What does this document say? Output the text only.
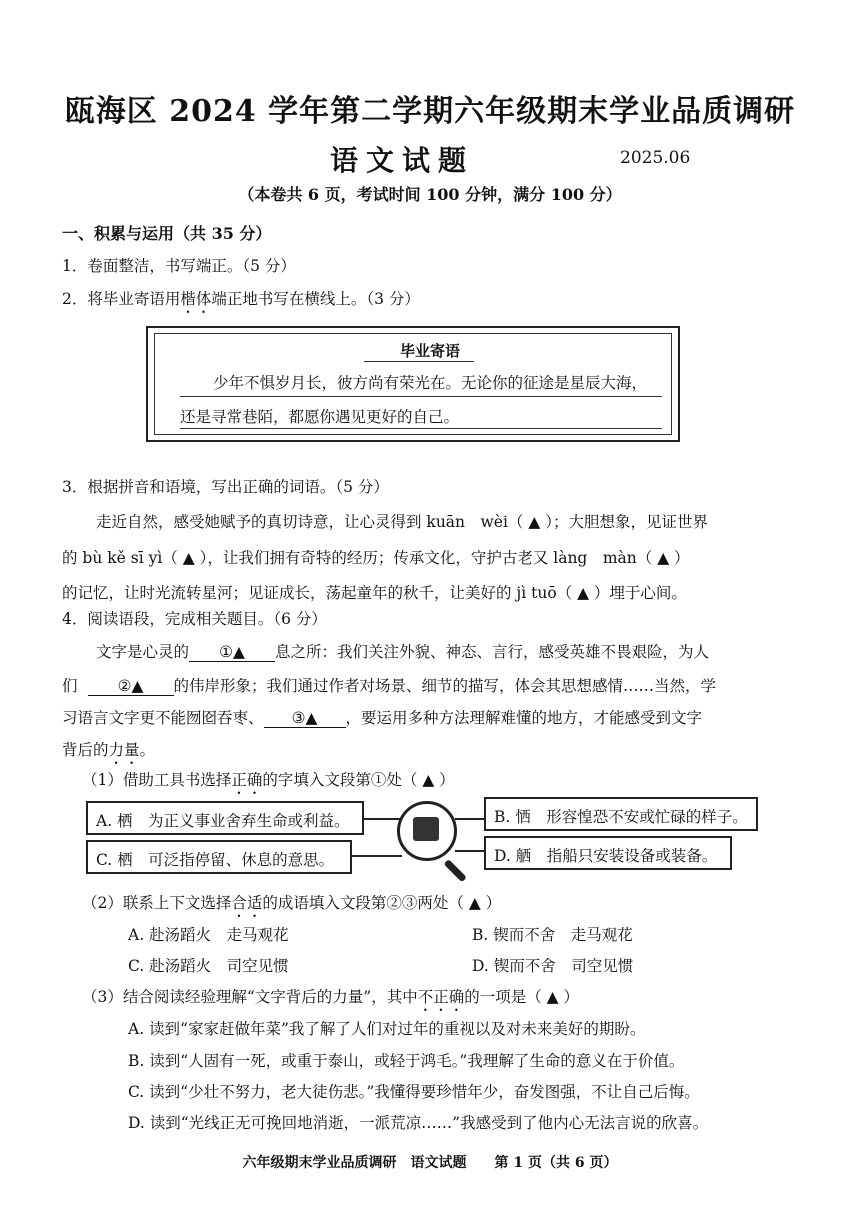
瓯海区 2024 学年第二学期六年级期末学业品质调研
语文试题	2025.06
（本卷共 6 页，考试时间 100 分钟，满分 100 分）
一、积累与运用（共 35 分）
1．卷面整洁，书写端正。（5 分）
2．将毕业寄语用楷体端正地书写在横线上。（3 分）
毕业寄语
少年不惧岁月长，彼方尚有荣光在。无论你的征途是星辰大海，
还是寻常巷陌，都愿你遇见更好的自己。
3．根据拼音和语境，写出正确的词语。（5 分）
走近自然，感受她赋予的真切诗意，让心灵得到 kuān　wèi（ ▲ ）；大胆想象，见证世界
的 bù kě sī yì（ ▲ ），让我们拥有奇特的经历；传承文化，守护古老又 làng　màn（ ▲ ）
的记忆，让时光流转星河；见证成长，荡起童年的秋千，让美好的 jì tuō（ ▲ ）埋于心间。
4．阅读语段，完成相关题目。（6 分）
文字是心灵的 ①▲ 息之所：我们关注外貌、神态、言行，感受英雄不畏艰险，为人
们	②▲ 的伟岸形象；我们通过作者对场景、细节的描写，体会其思想感情……当然，学
习语言文字更不能囫囵吞枣、 ③▲ ，要运用多种方法理解难懂的地方，才能感受到文字
背后的力量。
（1）借助工具书选择正确的字填入文段第①处（ ▲ ）
A. 栖　为正义事业舍弃生命或利益。	B. 恓　形容惶恐不安或忙碌的样子。
C. 栖　可泛指停留、休息的意思。	D. 舾　指船只安装设备或装备。
（2）联系上下文选择合适的成语填入文段第②③两处（ ▲ ）
A. 赴汤蹈火　走马观花	B. 锲而不舍　走马观花
C. 赴汤蹈火　司空见惯	D. 锲而不舍　司空见惯
（3）结合阅读经验理解“文字背后的力量”，其中不正确的一项是（ ▲ ）
A. 读到“家家赶做年菜”我了解了人们对过年的重视以及对未来美好的期盼。
B. 读到“人固有一死，或重于泰山，或轻于鸿毛。”我理解了生命的意义在于价值。
C. 读到“少壮不努力，老大徒伤悲。”我懂得要珍惜年少，奋发图强，不让自己后悔。
D. 读到“光线正无可挽回地消逝，一派荒凉……”我感受到了他内心无法言说的欣喜。
六年级期末学业品质调研　语文试题　　第 1 页（共 6 页）
